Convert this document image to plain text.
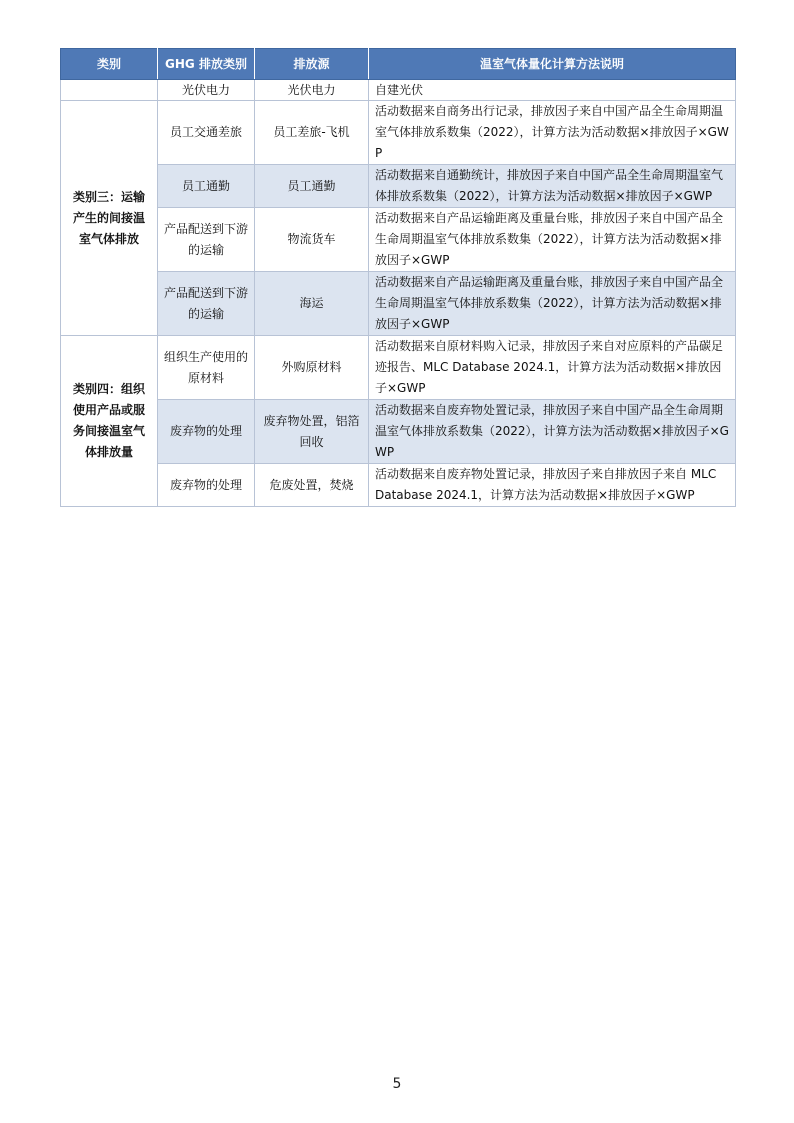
类别	GHG 排放类别	排放源	温室气体量化计算方法说明
	光伏电力	光伏电力	自建光伏
类别三：运输产生的间接温室气体排放	员工交通差旅	员工差旅-飞机	活动数据来自商务出行记录，排放因子来自中国产品全生命周期温室气体排放系数集（2022），计算方法为活动数据×排放因子×GWP
	员工通勤	员工通勤	活动数据来自通勤统计，排放因子来自中国产品全生命周期温室气体排放系数集（2022），计算方法为活动数据×排放因子×GWP
	产品配送到下游的运输	物流货车	活动数据来自产品运输距离及重量台账，排放因子来自中国产品全生命周期温室气体排放系数集（2022），计算方法为活动数据×排放因子×GWP
	产品配送到下游的运输	海运	活动数据来自产品运输距离及重量台账，排放因子来自中国产品全生命周期温室气体排放系数集（2022），计算方法为活动数据×排放因子×GWP
类别四：组织使用产品或服务间接温室气体排放量	组织生产使用的原材料	外购原材料	活动数据来自原材料购入记录，排放因子来自对应原料的产品碳足迹报告、MLC Database 2024.1，计算方法为活动数据×排放因子×GWP
	废弃物的处理	废弃物处置，铝箔回收	活动数据来自废弃物处置记录，排放因子来自中国产品全生命周期温室气体排放系数集（2022），计算方法为活动数据×排放因子×GWP
	废弃物的处理	危废处置，焚烧	活动数据来自废弃物处置记录，排放因子来自排放因子来自 MLC Database 2024.1，计算方法为活动数据×排放因子×GWP
5
